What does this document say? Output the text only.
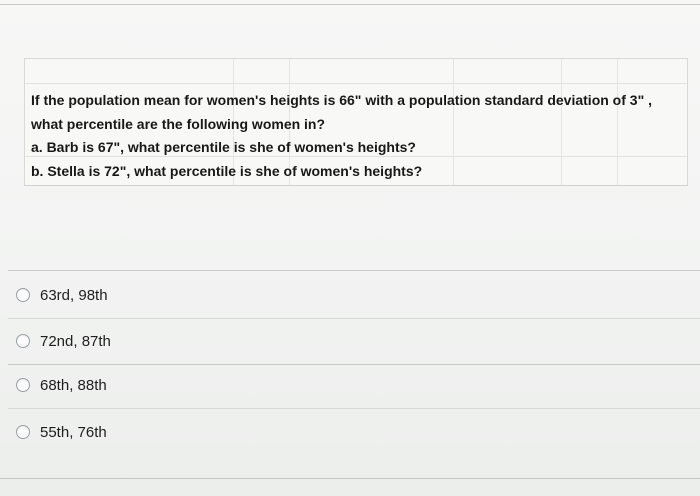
If the population mean for women's heights is 66" with a population standard deviation of 3" ,
what percentile are the following women in?
a. Barb is 67", what percentile is she of women's heights?
b. Stella is 72", what percentile is she of women's heights?
63rd, 98th
72nd, 87th
68th, 88th
55th, 76th
